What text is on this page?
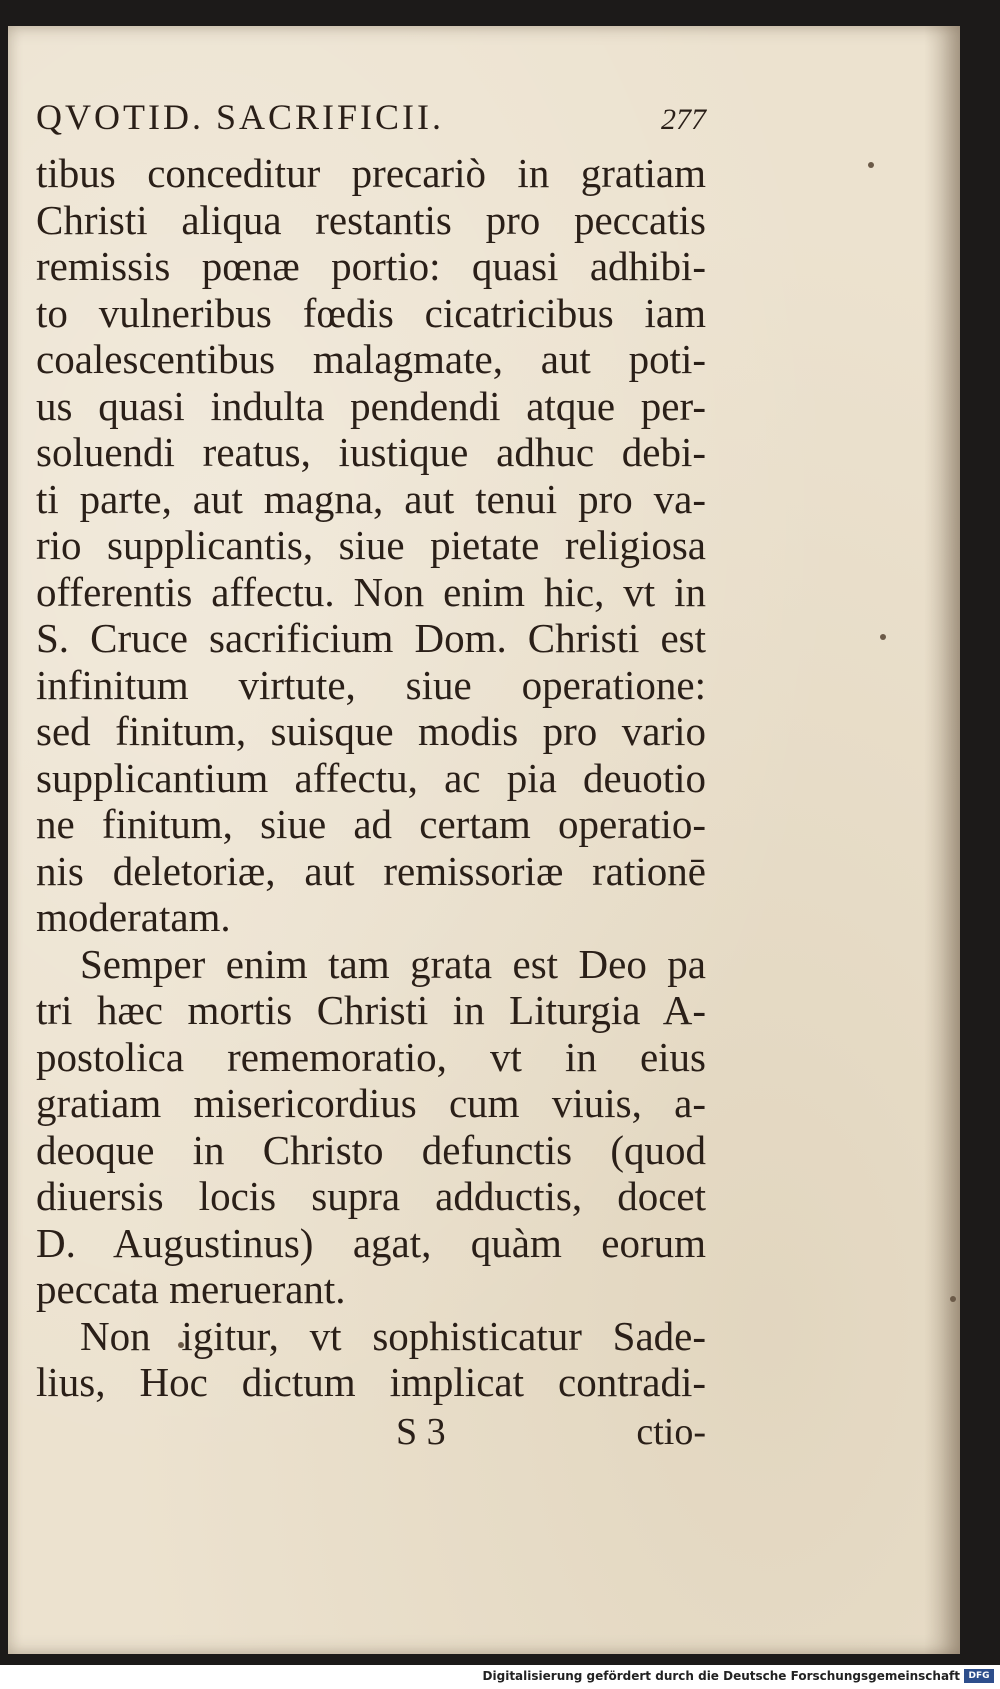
QVOTID. SACRIFICII.	277
tibus conceditur precariò in gratiam
Christi aliqua restantis pro peccatis
remissis pœnæ portio: quasi adhibi-
to vulneribus fœdis cicatricibus iam
coalescentibus malagmate, aut poti-
us quasi indulta pendendi atque per-
soluendi reatus, iustique adhuc debi-
ti parte, aut magna, aut tenui pro va-
rio supplicantis, siue pietate religiosa
offerentis affectu. Non enim hic, vt in
S. Cruce sacrificium Dom. Christi est
infinitum virtute, siue operatione:
sed finitum, suisque modis pro vario
supplicantium affectu, ac pia deuotio
ne finitum, siue ad certam operatio-
nis deletoriæ, aut remissoriæ rationē
moderatam.
Semper enim tam grata est Deo pa
tri hæc mortis Christi in Liturgia A-
postolica rememoratio, vt in eius
gratiam misericordius cum viuis, a-
deoque in Christo defunctis (quod
diuersis locis supra adductis, docet
D. Augustinus) agat, quàm eorum
peccata meruerant.
Non igitur, vt sophisticatur Sade-
lius, Hoc dictum implicat contradi-
S 3	ctio-
Digitalisierung gefördert durch die Deutsche Forschungsgemeinschaft DFG
